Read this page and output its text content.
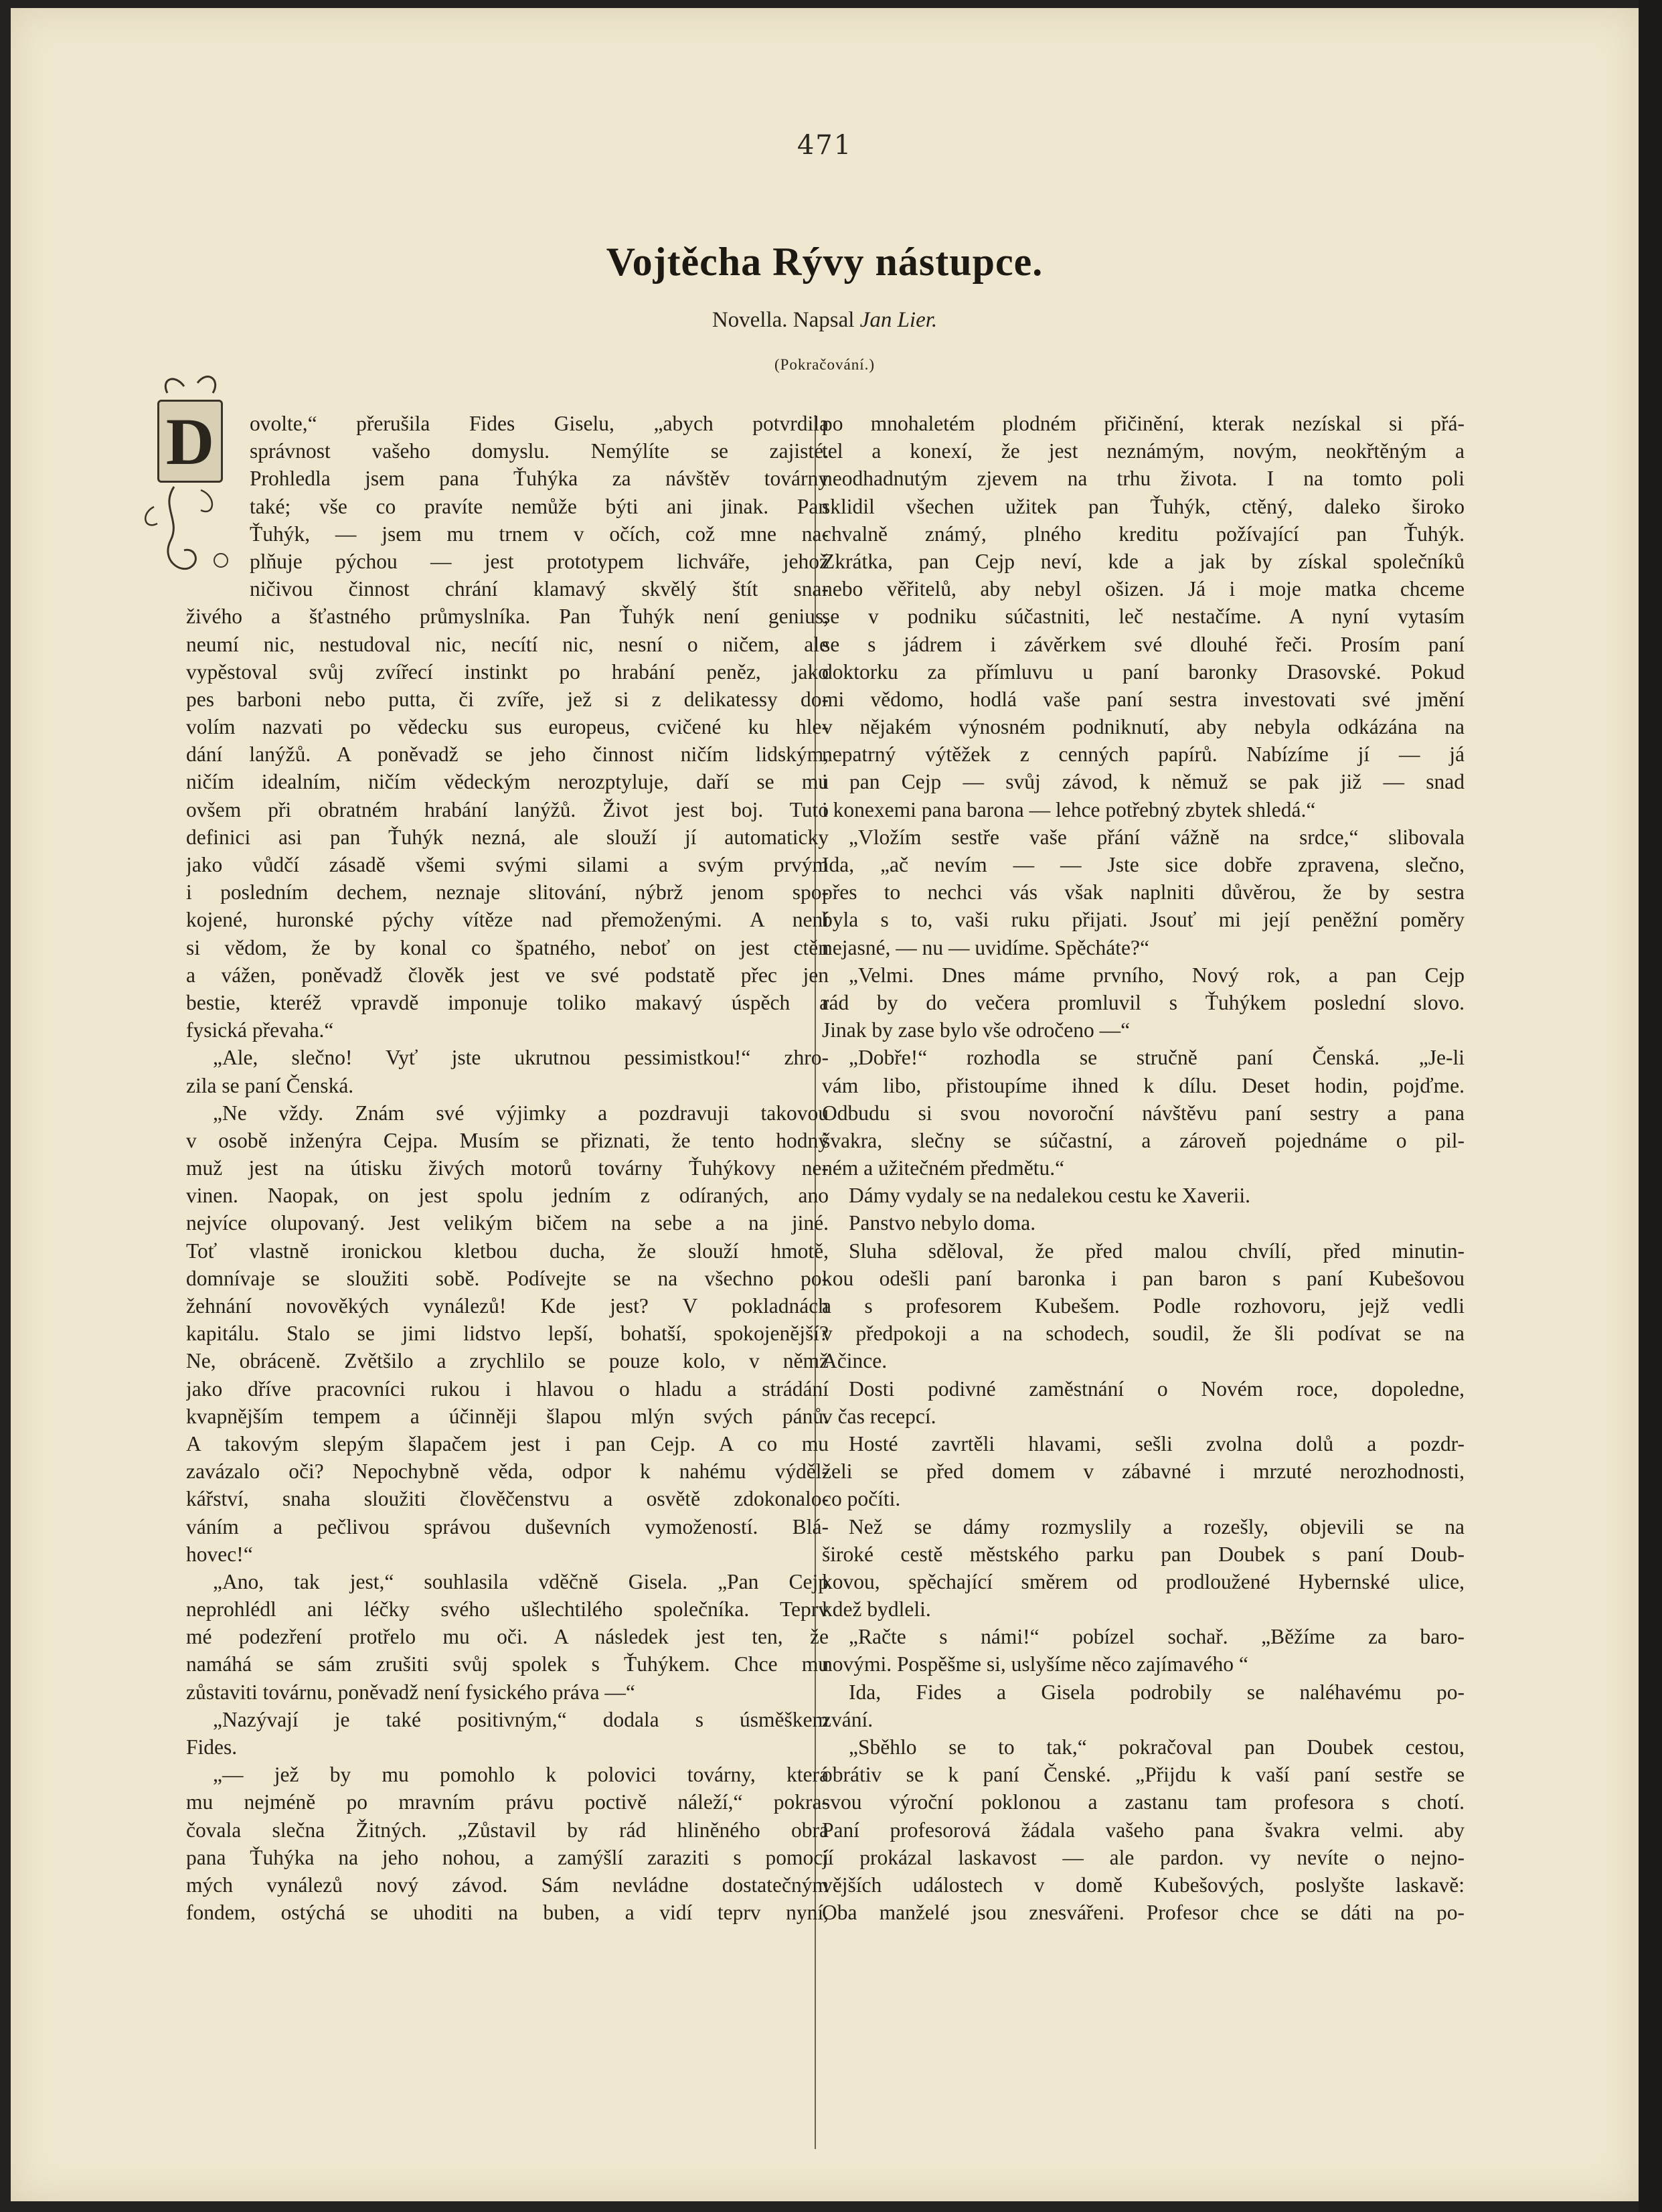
471
Vojtěcha Rývy nástupce.
Novella. Napsal Jan Lier.
(Pokračování.)
D	ovolte,“ přerušila Fides Giselu, „abych potvrdila
správnost vašeho domyslu. Nemýlíte se zajisté.
Prohledla jsem pana Ťuhýka za návštěv továrny
také; vše co pravíte nemůže býti ani jinak. Pan
Ťuhýk, — jsem mu trnem v očích, což mne na-
plňuje pýchou — jest prototypem lichváře, jehož
ničivou činnost chrání klamavý skvělý štít sna-
živého a šťastného průmyslníka. Pan Ťuhýk není genius,
neumí nic, nestudoval nic, necítí nic, nesní o ničem, ale
vypěstoval svůj zvířecí instinkt po hrabání peněz, jako
pes barboni nebo putta, či zvíře, jež si z delikatessy do-
volím nazvati po vědecku sus europeus, cvičené ku hle-
dání lanýžů. A poněvadž se jeho činnost ničím lidským,
ničím idealním, ničím vědeckým nerozptyluje, daří se mu
ovšem při obratném hrabání lanýžů. Život jest boj. Tuto
definici asi pan Ťuhýk nezná, ale slouží jí automaticky
jako vůdčí zásadě všemi svými silami a svým prvým
i posledním dechem, neznaje slitování, nýbrž jenom spo-
kojené, huronské pýchy vítěze nad přemoženými. A není
si vědom, že by konal co špatného, neboť on jest ctěn
a vážen, poněvadž člověk jest ve své podstatě přec jen
bestie, kteréž vpravdě imponuje toliko makavý úspěch a
fysická převaha.“
„Ale, slečno! Vyť jste ukrutnou pessimistkou!“ zhro-
zila se paní Čenská.
„Ne vždy. Znám své výjimky a pozdravuji takovou
v osobě inženýra Cejpa. Musím se přiznati, že tento hodný
muž jest na útisku živých motorů továrny Ťuhýkovy ne-
vinen. Naopak, on jest spolu jedním z odíraných, ano
nejvíce olupovaný. Jest velikým bičem na sebe a na jiné.
Toť vlastně ironickou kletbou ducha, že slouží hmotě,
domnívaje se sloužiti sobě. Podívejte se na všechno po-
žehnání novověkých vynálezů! Kde jest? V pokladnách
kapitálu. Stalo se jimi lidstvo lepší, bohatší, spokojenější?
Ne, obráceně. Zvětšilo a zrychlilo se pouze kolo, v němž
jako dříve pracovníci rukou i hlavou o hladu a strádání
kvapnějším tempem a účinněji šlapou mlýn svých pánů.
A takovým slepým šlapačem jest i pan Cejp. A co mu
zavázalo oči? Nepochybně věda, odpor k nahému výděl-
kářství, snaha sloužiti člověčenstvu a osvětě zdokonalo-
váním a pečlivou správou duševních vymožeností. Blá-
hovec!“
„Ano, tak jest,“ souhlasila vděčně Gisela. „Pan Cejp
neprohlédl ani léčky svého ušlechtilého společníka. Teprv
mé podezření protřelo mu oči. A následek jest ten, že
namáhá se sám zrušiti svůj spolek s Ťuhýkem. Chce mu
zůstaviti továrnu, poněvadž není fysického práva —“
„Nazývají je také positivným,“ dodala s úsměškem
Fides.
„— jež by mu pomohlo k polovici továrny, která
mu nejméně po mravním právu poctivě náleží,“ pokra-
čovala slečna Žitných. „Zůstavil by rád hliněného obra
pana Ťuhýka na jeho nohou, a zamýšlí zaraziti s pomocí
mých vynálezů nový závod. Sám nevládne dostatečným
fondem, ostýchá se uhoditi na buben, a vidí teprv nyní,
po mnohaletém plodném přičinění, kterak nezískal si přá-
tel a konexí, že jest neznámým, novým, neokřtěným a
neodhadnutým zjevem na trhu života. I na tomto poli
sklidil všechen užitek pan Ťuhýk, ctěný, daleko široko
chvalně známý, plného kreditu požívající pan Ťuhýk.
Zkrátka, pan Cejp neví, kde a jak by získal společníků
nebo věřitelů, aby nebyl ošizen. Já i moje matka chceme
se v podniku súčastniti, leč nestačíme. A nyní vytasím
se s jádrem i závěrkem své dlouhé řeči. Prosím paní
doktorku za přímluvu u paní baronky Drasovské. Pokud
mi vědomo, hodlá vaše paní sestra investovati své jmění
v nějakém výnosném podniknutí, aby nebyla odkázána na
nepatrný výtěžek z cenných papírů. Nabízíme jí — já
i pan Cejp — svůj závod, k němuž se pak již — snad
i konexemi pana barona — lehce potřebný zbytek shledá.“
„Vložím sestře vaše přání vážně na srdce,“ slibovala
Ida, „ač nevím — — Jste sice dobře zpravena, slečno,
přes to nechci vás však naplniti důvěrou, že by sestra
byla s to, vaši ruku přijati. Jsouť mi její peněžní poměry
nejasné, — nu — uvidíme. Spěcháte?“
„Velmi. Dnes máme prvního, Nový rok, a pan Cejp
rád by do večera promluvil s Ťuhýkem poslední slovo.
Jinak by zase bylo vše odročeno —“
„Dobře!“ rozhodla se stručně paní Čenská. „Je-li
vám libo, přistoupíme ihned k dílu. Deset hodin, pojďme.
Odbudu si svou novoroční návštěvu paní sestry a pana
švakra, slečny se súčastní, a zároveň pojednáme o pil-
ném a užitečném předmětu.“
Dámy vydaly se na nedalekou cestu ke Xaverii.
Panstvo nebylo doma.
Sluha sděloval, že před malou chvílí, před minutin-
kou odešli paní baronka i pan baron s paní Kubešovou
a s profesorem Kubešem. Podle rozhovoru, jejž vedli
v předpokoji a na schodech, soudil, že šli podívat se na
Ačince.
Dosti podivné zaměstnání o Novém roce, dopoledne,
v čas recepcí.
Hosté zavrtěli hlavami, sešli zvolna dolů a pozdr-
želi se před domem v zábavné i mrzuté nerozhodnosti,
co počíti.
Než se dámy rozmyslily a rozešly, objevili se na
široké cestě městského parku pan Doubek s paní Doub-
kovou, spěchající směrem od prodloužené Hybernské ulice,
kdež bydleli.
„Račte s námi!“ pobízel sochař. „Běžíme za baro-
novými. Pospěšme si, uslyšíme něco zajímavého “
Ida, Fides a Gisela podrobily se naléhavému po-
zvání.
„Sběhlo se to tak,“ pokračoval pan Doubek cestou,
obrátiv se k paní Čenské. „Přijdu k vaší paní sestře se
svou výroční poklonou a zastanu tam profesora s chotí.
Paní profesorová žádala vašeho pana švakra velmi. aby
jí prokázal laskavost — ale pardon. vy nevíte o nejno-
vějších událostech v domě Kubešových, poslyšte laskavě:
Oba manželé jsou znesvářeni. Profesor chce se dáti na po-
